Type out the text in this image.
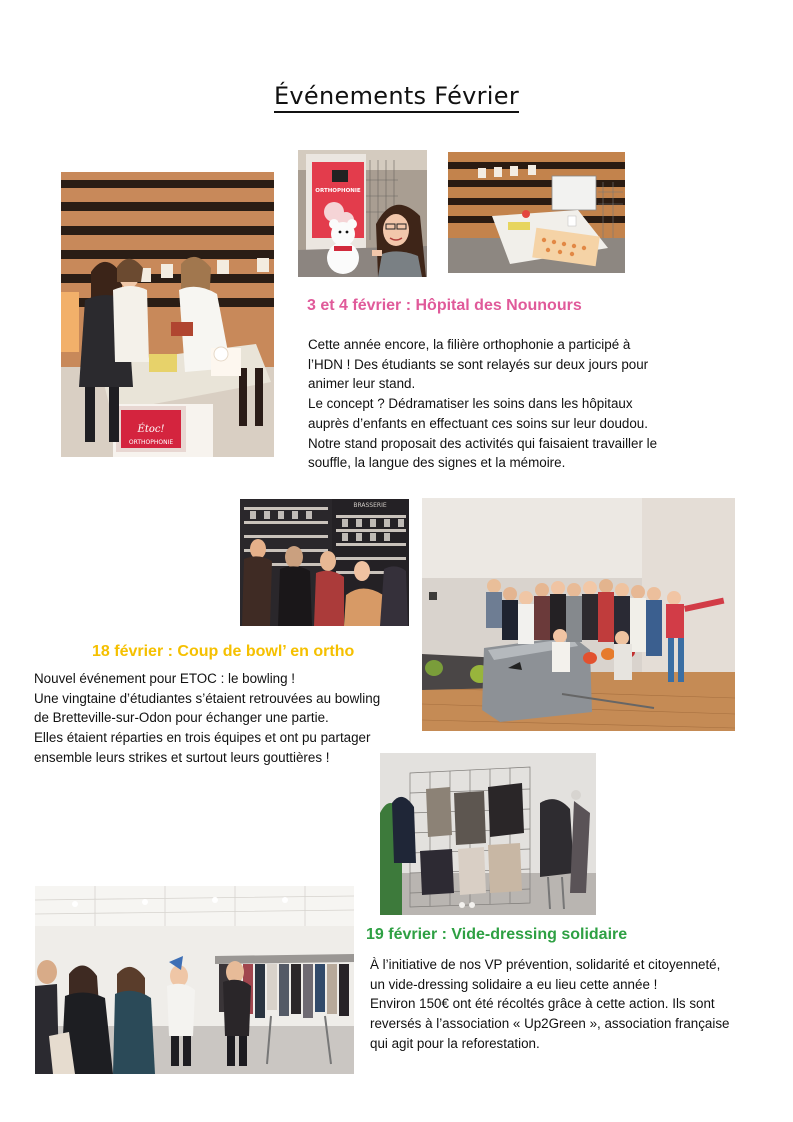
Événements Février
Étoc!
ORTHOPHONIE
ORTHOPHONIE
3 et 4 février : Hôpital des Nounours
Cette année encore, la filière orthophonie a participé à
l’HDN ! Des étudiants se sont relayés sur deux jours pour
animer leur stand.
Le concept ? Dédramatiser les soins dans les hôpitaux
auprès d’enfants en effectuant ces soins sur leur doudou.
Notre stand proposait des activités qui faisaient travailler le
souffle, la langue des signes et la mémoire.
BRASSERIE
18 février : Coup de bowl’ en ortho
Nouvel événement pour ETOC : le bowling !
Une vingtaine d’étudiantes s’étaient retrouvées au bowling
de Bretteville-sur-Odon pour échanger une partie.
Elles étaient réparties en trois équipes et ont pu partager
ensemble leurs strikes et surtout leurs gouttières !
19 février : Vide-dressing solidaire
À l’initiative de nos VP prévention, solidarité et citoyenneté,
un vide-dressing solidaire a eu lieu cette année !
Environ 150€ ont été récoltés grâce à cette action. Ils sont
reversés à l’association « Up2Green », association française
qui agit pour la reforestation.
